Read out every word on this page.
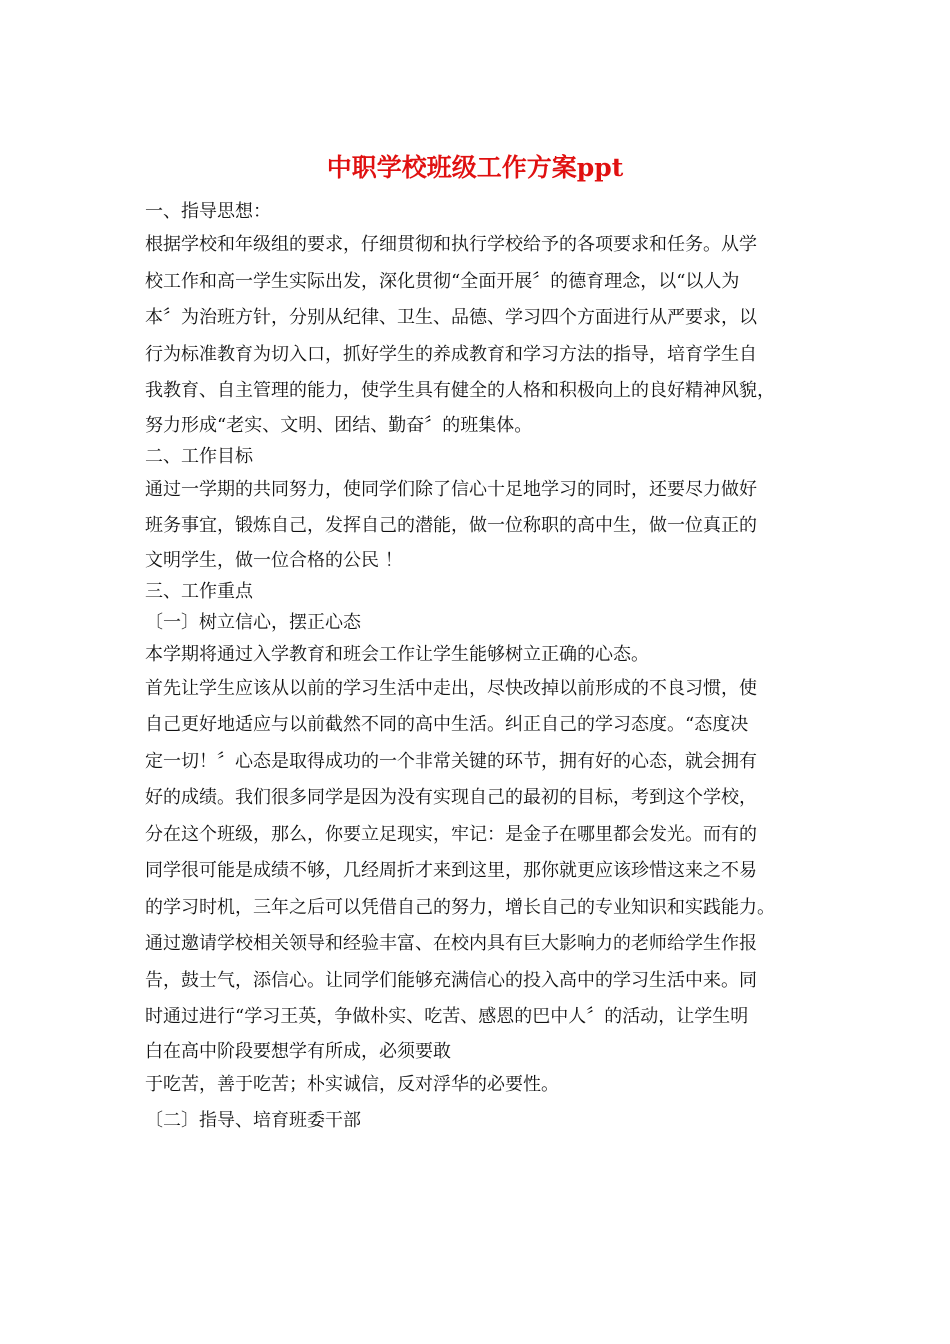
中职学校班级工作方案ppt

一、指导思想：

根据学校和年级组的要求，仔细贯彻和执行学校给予的各项要求和任务。从学

校工作和高一学生实际出发，深化贯彻“全面开展〞的德育理念，以“以人为

本〞为治班方针，分别从纪律、卫生、品德、学习四个方面进行从严要求，以

行为标准教育为切入口，抓好学生的养成教育和学习方法的指导，培育学生自

我教育、自主管理的能力，使学生具有健全的人格和积极向上的良好精神风貌，

努力形成“老实、文明、团结、勤奋〞的班集体。

二、工作目标

通过一学期的共同努力，使同学们除了信心十足地学习的同时，还要尽力做好

班务事宜，锻炼自己，发挥自己的潜能，做一位称职的高中生，做一位真正的

文明学生，做一位合格的公民 ！

三、工作重点

〔一〕树立信心，摆正心态

本学期将通过入学教育和班会工作让学生能够树立正确的心态。

首先让学生应该从以前的学习生活中走出，尽快改掉以前形成的不良习惯，使

自己更好地适应与以前截然不同的高中生活。纠正自己的学习态度。“态度决

定一切！〞心态是取得成功的一个非常关键的环节，拥有好的心态，就会拥有

好的成绩。我们很多同学是因为没有实现自己的最初的目标，考到这个学校，

分在这个班级，那么，你要立足现实，牢记：是金子在哪里都会发光。而有的

同学很可能是成绩不够，几经周折才来到这里，那你就更应该珍惜这来之不易

的学习时机，三年之后可以凭借自己的努力，增长自己的专业知识和实践能力。

通过邀请学校相关领导和经验丰富、在校内具有巨大影响力的老师给学生作报

告，鼓士气，添信心。让同学们能够充满信心的投入高中的学习生活中来。同

时通过进行“学习王英，争做朴实、吃苦、感恩的巴中人〞的活动，让学生明

白在高中阶段要想学有所成，必须要敢

于吃苦，善于吃苦；朴实诚信，反对浮华的必要性。

〔二〕指导、培育班委干部
